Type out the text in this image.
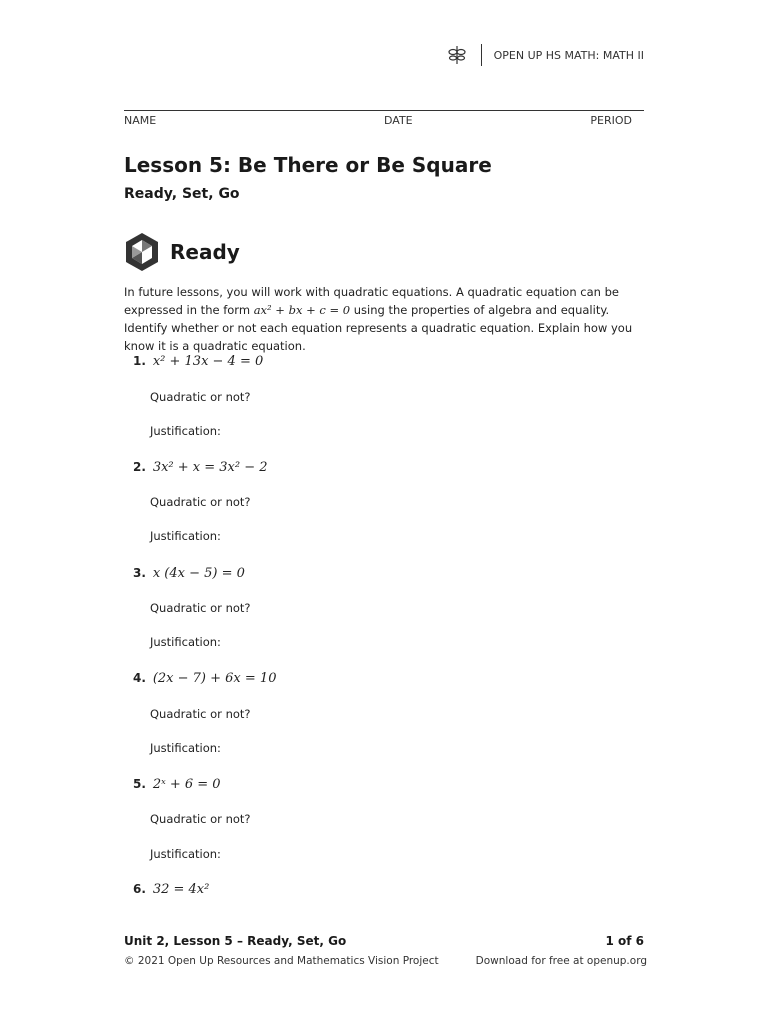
OPEN UP HS MATH: MATH II
NAME	DATE	PERIOD
Lesson 5: Be There or Be Square
Ready, Set, Go
Ready
In future lessons, you will work with quadratic equations. A quadratic equation can be expressed in the form ax² + bx + c = 0 using the properties of algebra and equality. Identify whether or not each equation represents a quadratic equation. Explain how you know it is a quadratic equation.
1. x² + 13x − 4 = 0
Quadratic or not?
Justification:
2. 3x² + x = 3x² − 2
Quadratic or not?
Justification:
3. x (4x − 5) = 0
Quadratic or not?
Justification:
4. (2x − 7) + 6x = 10
Quadratic or not?
Justification:
5. 2ˣ + 6 = 0
Quadratic or not?
Justification:
6. 32 = 4x²
Unit 2, Lesson 5 – Ready, Set, Go
© 2021 Open Up Resources and Mathematics Vision Project
1 of 6
Download for free at openup.org
